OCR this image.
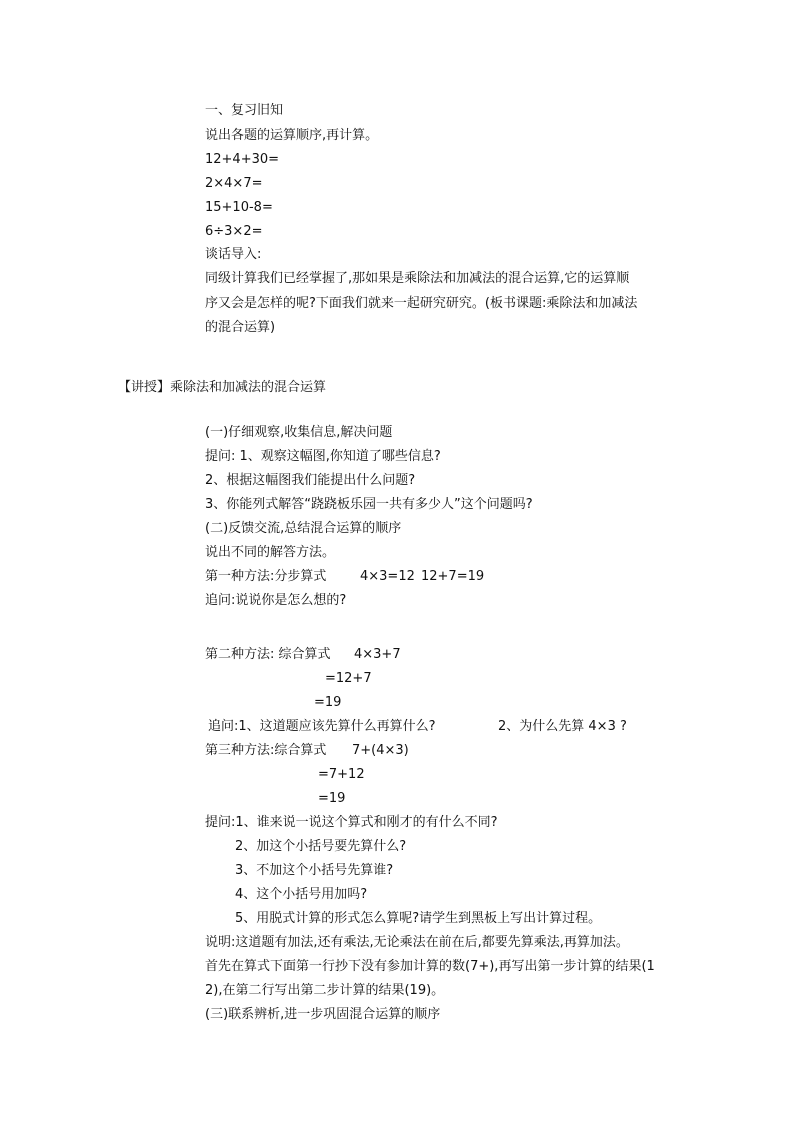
一、复习旧知
说出各题的运算顺序,再计算。
12+4+30=
2×4×7=
15+10-8=
6÷3×2=
谈话导入:
同级计算我们已经掌握了,那如果是乘除法和加减法的混合运算,它的运算顺
序又会是怎样的呢?下面我们就来一起研究研究。(板书课题:乘除法和加减法
的混合运算)
【讲授】乘除法和加减法的混合运算
(一)仔细观察,收集信息,解决问题
提问: 1、观察这幅图,你知道了哪些信息?
2、根据这幅图我们能提出什么问题?
3、你能列式解答“跷跷板乐园一共有多少人”这个问题吗?
(二)反馈交流,总结混合运算的顺序
说出不同的解答方法。
第一种方法:分步算式	4×3=12 12+7=19
追问:说说你是怎么想的?
第二种方法: 综合算式 4×3+7
=12+7
=19
追问:1、这道题应该先算什么再算什么?	2、为什么先算 4×3 ?
第三种方法:综合算式 7+(4×3)
=7+12
=19
提问:1、谁来说一说这个算式和刚才的有什么不同?
2、加这个小括号要先算什么?
3、不加这个小括号先算谁?
4、这个小括号用加吗?
5、用脱式计算的形式怎么算呢?请学生到黑板上写出计算过程。
说明:这道题有加法,还有乘法,无论乘法在前在后,都要先算乘法,再算加法。
首先在算式下面第一行抄下没有参加计算的数(7+),再写出第一步计算的结果(1
2),在第二行写出第二步计算的结果(19)。
(三)联系辨析,进一步巩固混合运算的顺序
